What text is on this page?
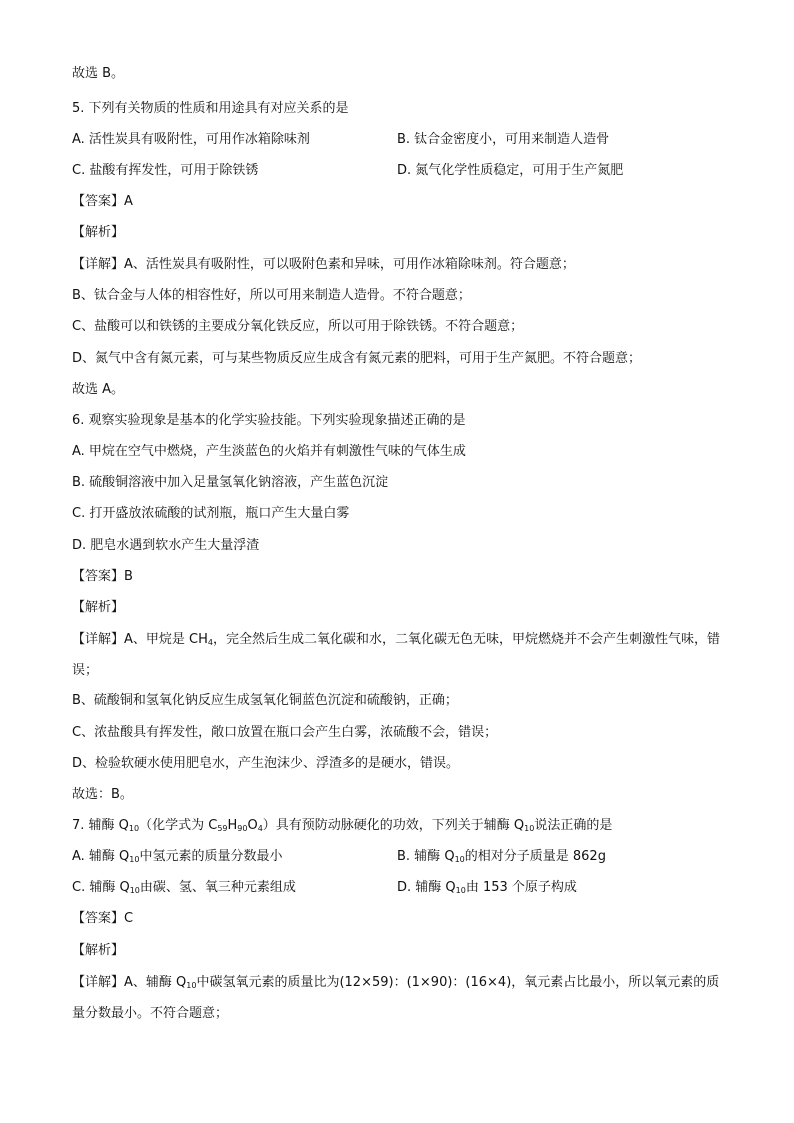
故选 B。
5. 下列有关物质的性质和用途具有对应关系的是
A. 活性炭具有吸附性，可用作冰箱除味剂	B. 钛合金密度小，可用来制造人造骨
C. 盐酸有挥发性，可用于除铁锈	D. 氮气化学性质稳定，可用于生产氮肥
【答案】A
【解析】
【详解】A、活性炭具有吸附性，可以吸附色素和异味，可用作冰箱除味剂。符合题意；
B、钛合金与人体的相容性好，所以可用来制造人造骨。不符合题意；
C、盐酸可以和铁锈的主要成分氧化铁反应，所以可用于除铁锈。不符合题意；
D、氮气中含有氮元素，可与某些物质反应生成含有氮元素的肥料，可用于生产氮肥。不符合题意；
故选 A。
6. 观察实验现象是基本的化学实验技能。下列实验现象描述正确的是
A. 甲烷在空气中燃烧，产生淡蓝色的火焰并有刺激性气味的气体生成
B. 硫酸铜溶液中加入足量氢氧化钠溶液，产生蓝色沉淀
C. 打开盛放浓硫酸的试剂瓶，瓶口产生大量白雾
D. 肥皂水遇到软水产生大量浮渣
【答案】B
【解析】
【详解】A、甲烷是 $CH_4$，完全然后生成二氧化碳和水，二氧化碳无色无味，甲烷燃烧并不会产生刺激性气味，错误；
B、硫酸铜和氢氧化钠反应生成氢氧化铜蓝色沉淀和硫酸钠，正确；
C、浓盐酸具有挥发性，敞口放置在瓶口会产生白雾，浓硫酸不会，错误；
D、检验软硬水使用肥皂水，产生泡沫少、浮渣多的是硬水，错误。
故选：B。
7. 辅酶 $Q_{10}$（化学式为 $C_{59}H_{90}O_4$）具有预防动脉硬化的功效，下列关于辅酶 $Q_{10}$说法正确的是
A. 辅酶 $Q_{10}$中氢元素的质量分数最小	B. 辅酶 $Q_{10}$的相对分子质量是 862g
C. 辅酶 $Q_{10}$由碳、氢、氧三种元素组成	D. 辅酶 $Q_{10}$由 153 个原子构成
【答案】C
【解析】
【详解】A、辅酶 $Q_{10}$中碳氢氧元素的质量比为(12×59)：(1×90)：(16×4)，氧元素占比最小，所以氧元素的质量分数最小。不符合题意；
